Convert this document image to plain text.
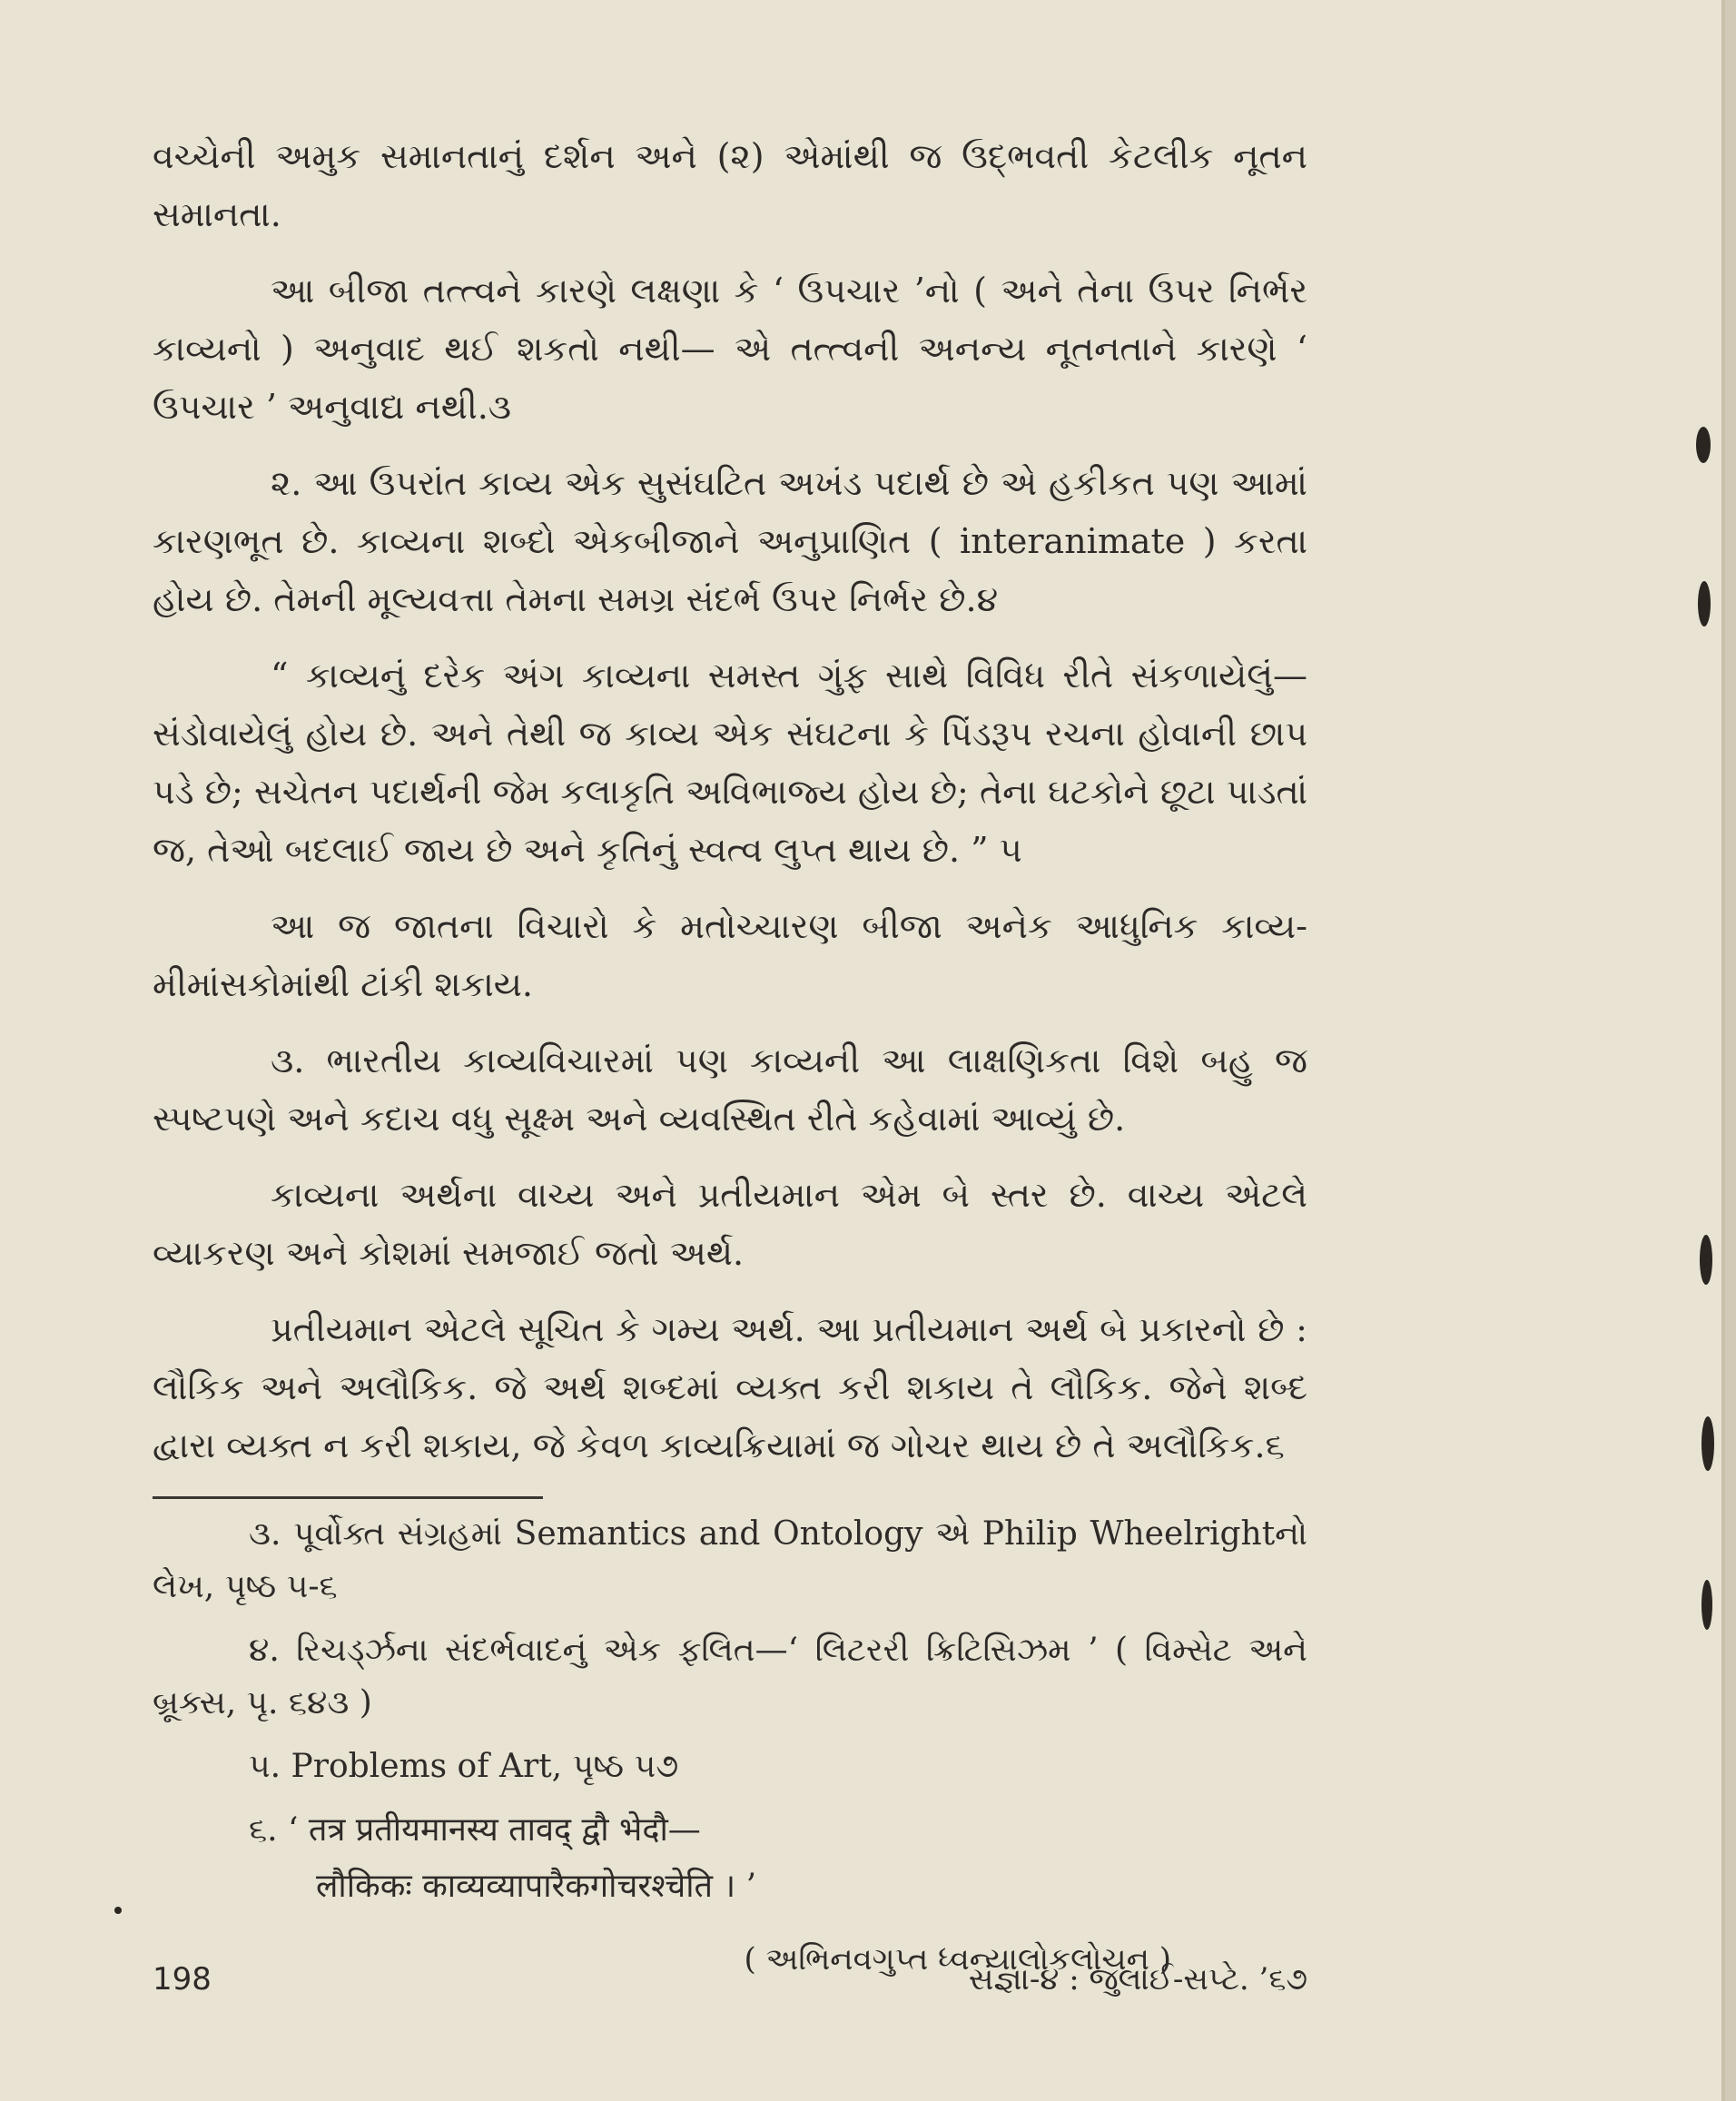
વચ્ચેની અમુક સમાનતાનું દર્શન અને (૨) એમાંથી જ ઉદ્ભવતી કેટલીક નૂતન સમાનતા.

આ બીજા તત્ત્વને કારણે લક્ષણા કે ‘ ઉપચાર ’નો ( અને તેના ઉપર નિર્ભર કાવ્યનો ) અનુવાદ થઈ શકતો નથી— એ તત્ત્વની અનન્ય નૂતનતાને કારણે ‘ ઉપચાર ’ અનુવાદ્ય નથી.૩

૨. આ ઉપરાંત કાવ્ય એક સુસંઘટિત અખંડ પદાર્થ છે એ હકીકત પણ આમાં કારણભૂત છે. કાવ્યના શબ્દો એકબીજાને અનુપ્રાણિત ( interanimate ) કરતા હોય છે. તેમની મૂલ્યવત્તા તેમના સમગ્ર સંદર્ભ ઉપર નિર્ભર છે.૪

“ કાવ્યનું દરેક અંગ કાવ્યના સમસ્ત ગુંફ સાથે વિવિધ રીતે સંકળાયેલું— સંડોવાયેલું હોય છે. અને તેથી જ કાવ્ય એક સંઘટના કે પિંડરૂપ રચના હોવાની છાપ પડે છે; સચેતન પદાર્થની જેમ કલાકૃતિ અવિભાજ્ય હોય છે; તેના ઘટકોને છૂટા પાડતાં જ, તેઓ બદલાઈ જાય છે અને કૃતિનું સ્વત્વ લુપ્ત થાય છે. ” ૫

આ જ જાતના વિચારો કે મતોચ્ચારણ બીજા અનેક આધુનિક કાવ્ય-મીમાંસકોમાંથી ટાંકી શકાય.

૩. ભારતીય કાવ્યવિચારમાં પણ કાવ્યની આ લાક્ષણિકતા વિશે બહુ જ સ્પષ્ટપણે અને કદાચ વધુ સૂક્ષ્મ અને વ્યવસ્થિત રીતે કહેવામાં આવ્યું છે.

કાવ્યના અર્થના વાચ્ય અને પ્રતીયમાન એમ બે સ્તર છે. વાચ્ય એટલે વ્યાકરણ અને કોશમાં સમજાઈ જતો અર્થ.

પ્રતીયમાન એટલે સૂચિત કે ગમ્ય અર્થ. આ પ્રતીયમાન અર્થ બે પ્રકારનો છે : લૌકિક અને અલૌકિક. જે અર્થ શબ્દમાં વ્યક્ત કરી શકાય તે લૌકિક. જેને શબ્દ દ્વારા વ્યક્ત ન કરી શકાય, જે કેવળ કાવ્યક્રિયામાં જ ગોચર થાય છે તે અલૌકિક.૬

૩. પૂર્વોક્ત સંગ્રહમાં Semantics and Ontology એ Philip Wheelrightનો લેખ, પૃષ્ઠ ૫-૬

૪. રિચર્ડ્ઝના સંદર્ભવાદનું એક ફલિત—‘ લિટરરી ક્રિટિસિઝમ ’ ( વિમ્સેટ અને બ્રૂક્સ, પૃ. ૬૪૩ )

૫. Problems of Art, પૃષ્ઠ ૫૭

૬. ‘ तत्र प्रतीयमानस्य तावद् द्वौ भेदौ—

लौकिकः काव्यव्यापारैकगोचरश्चेति । ’

( અભિનવગુપ્ત ધ્વન્યાલોકલોચન )
198	સંજ્ઞા-૪ : જુલાઈ-સપ્ટે. ’૬૭
